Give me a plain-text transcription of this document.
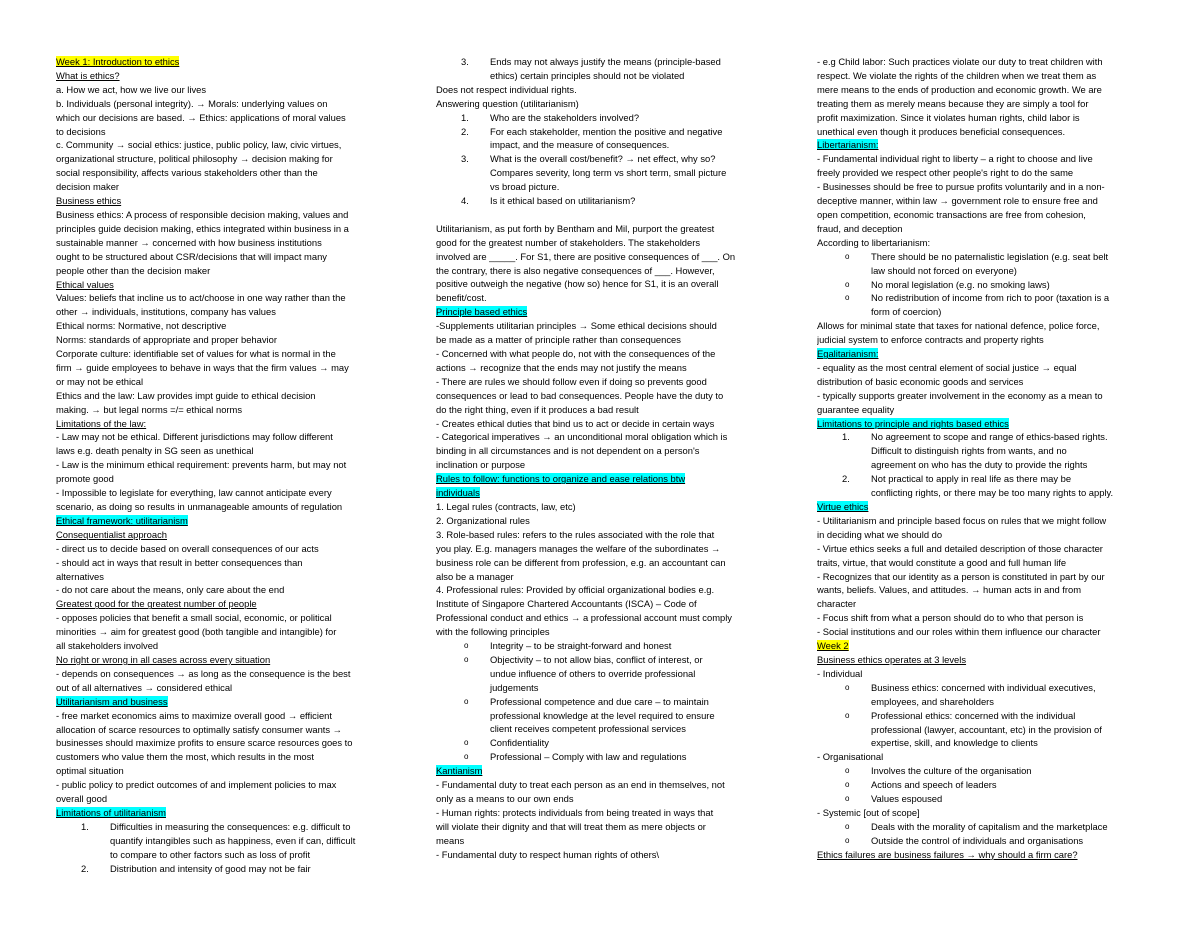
Week 1: Introduction to ethics
What is ethics?
a. How we act, how we live our lives
b. Individuals (personal integrity). → Morals: underlying values on
which our decisions are based. → Ethics: applications of moral values
to decisions
c. Community → social ethics: justice, public policy, law, civic virtues,
organizational structure, political philosophy → decision making for
social responsibility, affects various stakeholders other than the
decision maker
Business ethics
Business ethics: A process of responsible decision making, values and
principles guide decision making, ethics integrated within business in a
sustainable manner → concerned with how business institutions
ought to be structured about CSR/decisions that will impact many
people other than the decision maker
Ethical values
Values: beliefs that incline us to act/choose in one way rather than the
other → individuals, institutions, company has values
Ethical norms: Normative, not descriptive
Norms: standards of appropriate and proper behavior
Corporate culture: identifiable set of values for what is normal in the
firm → guide employees to behave in ways that the firm values → may
or may not be ethical
Ethics and the law: Law provides impt guide to ethical decision
making. → but legal norms =/= ethical norms
Limitations of the law:
- Law may not be ethical. Different jurisdictions may follow different
laws e.g. death penalty in SG seen as unethical
- Law is the minimum ethical requirement: prevents harm, but may not
promote good
- Impossible to legislate for everything, law cannot anticipate every
scenario, as doing so results in unmanageable amounts of regulation
Ethical framework: utilitarianism
Consequentialist approach
- direct us to decide based on overall consequences of our acts
- should act in ways that result in better consequences than
alternatives
- do not care about the means, only care about the end
Greatest good for the greatest number of people
- opposes policies that benefit a small social, economic, or political
minorities → aim for greatest good (both tangible and intangible) for
all stakeholders involved
No right or wrong in all cases across every situation
- depends on consequences → as long as the consequence is the best
out of all alternatives → considered ethical
Utilitarianism and business
- free market economics aims to maximize overall good → efficient
allocation of scarce resources to optimally satisfy consumer wants →
businesses should maximize profits to ensure scarce resources goes to
customers who value them the most, which results in the most
optimal situation
- public policy to predict outcomes of and implement policies to max
overall good
Limitations of utilitarianism
1.	Difficulties in measuring the consequences: e.g. difficult to
quantify intangibles such as happiness, even if can, difficult
to compare to other factors such as loss of profit
2.	Distribution and intensity of good may not be fair
3.	Ends may not always justify the means (principle-based
ethics) certain principles should not be violated
Does not respect individual rights.
Answering question (utilitarianism)
1.	Who are the stakeholders involved?
2.	For each stakeholder, mention the positive and negative
impact, and the measure of consequences.
3.	What is the overall cost/benefit? → net effect, why so?
Compares severity, long term vs short term, small picture
vs broad picture.
4.	Is it ethical based on utilitarianism?
Utilitarianism, as put forth by Bentham and Mil, purport the greatest
good for the greatest number of stakeholders. The stakeholders
involved are _____. For S1, there are positive consequences of ___. On
the contrary, there is also negative consequences of ___. However,
positive outweigh the negative (how so) hence for S1, it is an overall
benefit/cost.
Principle based ethics
-Supplements utilitarian principles → Some ethical decisions should
be made as a matter of principle rather than consequences
- Concerned with what people do, not with the consequences of the
actions → recognize that the ends may not justify the means
- There are rules we should follow even if doing so prevents good
consequences or lead to bad consequences. People have the duty to
do the right thing, even if it produces a bad result
- Creates ethical duties that bind us to act or decide in certain ways
- Categorical imperatives → an unconditional moral obligation which is
binding in all circumstances and is not dependent on a person's
inclination or purpose
Rules to follow: functions to organize and ease relations btw
individuals
1. Legal rules (contracts, law, etc)
2. Organizational rules
3. Role-based rules: refers to the rules associated with the role that
you play. E.g. managers manages the welfare of the subordinates →
business role can be different from profession, e.g. an accountant can
also be a manager
4. Professional rules: Provided by official organizational bodies e.g.
Institute of Singapore Chartered Accountants (ISCA) – Code of
Professional conduct and ethics → a professional account must comply
with the following principles
o Integrity – to be straight-forward and honest
o Objectivity – to not allow bias, conflict of interest, or
undue influence of others to override professional
judgements
o Professional competence and due care – to maintain
professional knowledge at the level required to ensure
client receives competent professional services
o Confidentiality
o Professional – Comply with law and regulations
Kantianism
- Fundamental duty to treat each person as an end in themselves, not
only as a means to our own ends
- Human rights: protects individuals from being treated in ways that
will violate their dignity and that will treat them as mere objects or
means
- Fundamental duty to respect human rights of others\
- e.g Child labor: Such practices violate our duty to treat children with
respect. We violate the rights of the children when we treat them as
mere means to the ends of production and economic growth. We are
treating them as merely means because they are simply a tool for
profit maximization. Since it violates human rights, child labor is
unethical even though it produces beneficial consequences.
Libertarianism:
- Fundamental individual right to liberty – a right to choose and live
freely provided we respect other people's right to do the same
- Businesses should be free to pursue profits voluntarily and in a non-
deceptive manner, within law → government role to ensure free and
open competition, economic transactions are free from cohesion,
fraud, and deception
According to libertarianism:
o There should be no paternalistic legislation (e.g. seat belt
law should not forced on everyone)
o No moral legislation (e.g. no smoking laws)
o No redistribution of income from rich to poor (taxation is a
form of coercion)
Allows for minimal state that taxes for national defence, police force,
judicial system to enforce contracts and property rights
Egalitarianism:
- equality as the most central element of social justice → equal
distribution of basic economic goods and services
- typically supports greater involvement in the economy as a mean to
guarantee equality
Limitations to principle and rights based ethics
1.	No agreement to scope and range of ethics-based rights.
Difficult to distinguish rights from wants, and no
agreement on who has the duty to provide the rights
2.	Not practical to apply in real life as there may be
conflicting rights, or there may be too many rights to apply.
Virtue ethics
- Utilitarianism and principle based focus on rules that we might follow
in deciding what we should do
- Virtue ethics seeks a full and detailed description of those character
traits, virtue, that would constitute a good and full human life
- Recognizes that our identity as a person is constituted in part by our
wants, beliefs. Values, and attitudes. → human acts in and from
character
- Focus shift from what a person should do to who that person is
- Social institutions and our roles within them influence our character
Week 2
Business ethics operates at 3 levels
- Individual
o Business ethics: concerned with individual executives,
employees, and shareholders
o Professional ethics: concerned with the individual
professional (lawyer, accountant, etc) in the provision of
expertise, skill, and knowledge to clients
- Organisational
o Involves the culture of the organisation
o Actions and speech of leaders
o Values espoused
- Systemic [out of scope]
o Deals with the morality of capitalism and the marketplace
o Outside the control of individuals and organisations
Ethics failures are business failures → why should a firm care?
